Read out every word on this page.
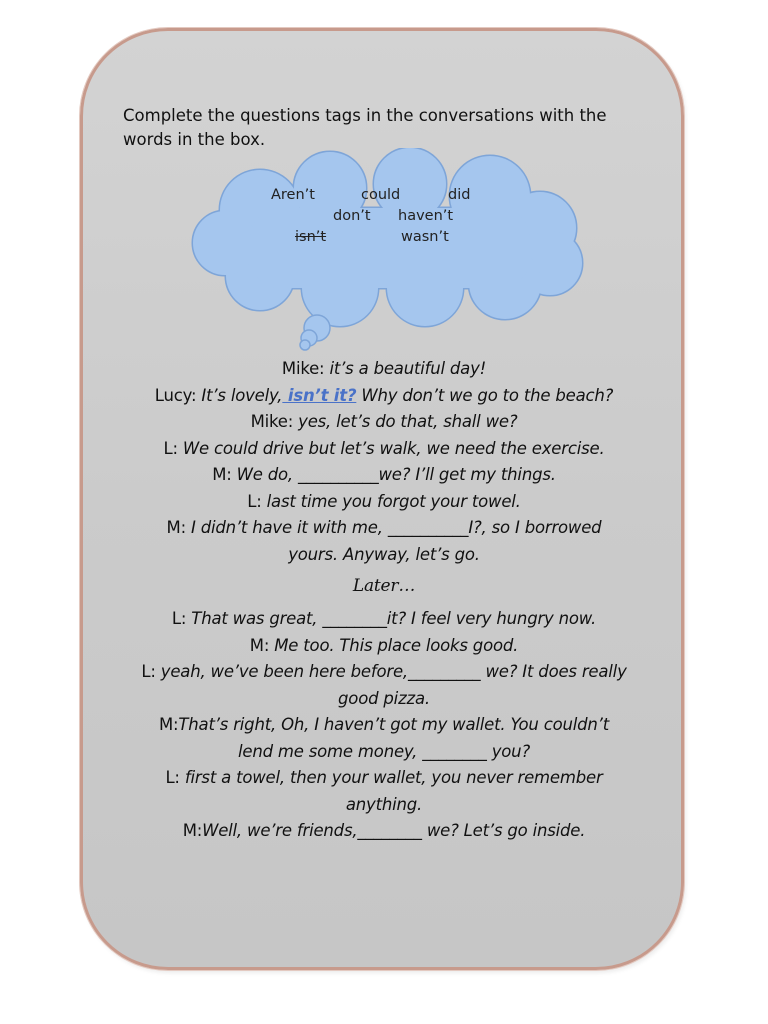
Complete the questions tags in the conversations with the words in the box.
Aren’t	could	did
don’t haven’t
isn’t	wasn’t
Mike: it’s a beautiful day!
Lucy: It’s lovely, isn’t it? Why don’t we go to the beach?
Mike: yes, let’s do that, shall we?
L: We could drive but let’s walk, we need the exercise.
M: We do, __________we? I’ll get my things.
L: last time you forgot your towel.
M: I didn’t have it with me, __________I?, so I borrowed
yours. Anyway, let’s go.
Later…
L: That was great, ________it? I feel very hungry now.
M: Me too. This place looks good.
L: yeah, we’ve been here before,_________ we? It does really
good pizza.
M:That’s right, Oh, I haven’t got my wallet. You couldn’t
lend me some money, ________ you?
L: first a towel, then your wallet, you never remember
anything.
M:Well, we’re friends,________ we? Let’s go inside.
